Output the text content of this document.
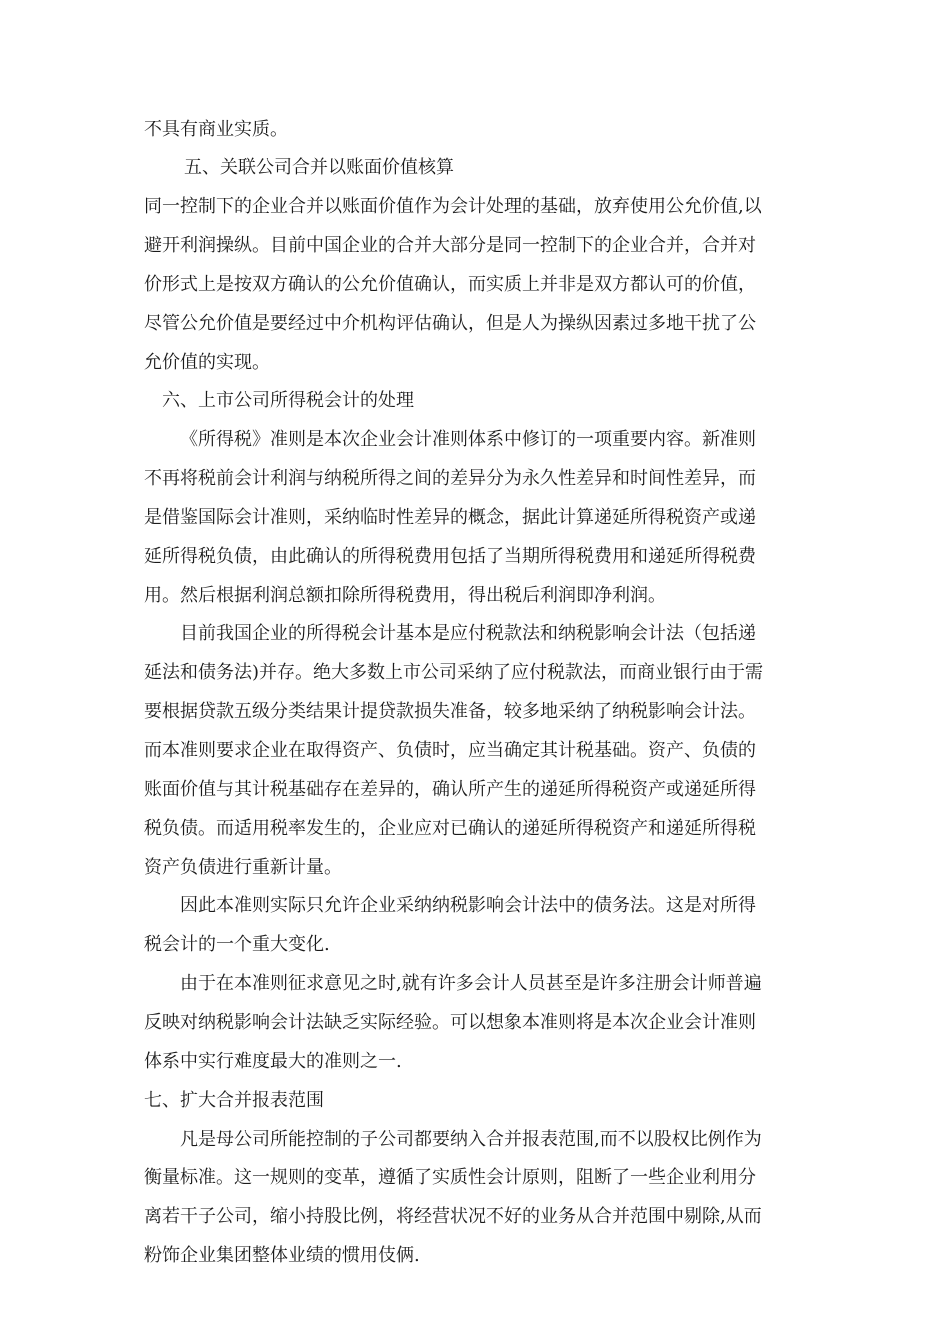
不具有商业实质。
五、关联公司合并以账面价值核算
同一控制下的企业合并以账面价值作为会计处理的基础，放弃使用公允价值,以
避开利润操纵。目前中国企业的合并大部分是同一控制下的企业合并，合并对
价形式上是按双方确认的公允价值确认，而实质上并非是双方都认可的价值，
尽管公允价值是要经过中介机构评估确认，但是人为操纵因素过多地干扰了公
允价值的实现。
六、上市公司所得税会计的处理
《所得税》准则是本次企业会计准则体系中修订的一项重要内容。新准则
不再将税前会计利润与纳税所得之间的差异分为永久性差异和时间性差异，而
是借鉴国际会计准则，采纳临时性差异的概念，据此计算递延所得税资产或递
延所得税负债，由此确认的所得税费用包括了当期所得税费用和递延所得税费
用。然后根据利润总额扣除所得税费用，得出税后利润即净利润。
目前我国企业的所得税会计基本是应付税款法和纳税影响会计法（包括递
延法和债务法)并存。绝大多数上市公司采纳了应付税款法，而商业银行由于需
要根据贷款五级分类结果计提贷款损失准备，较多地采纳了纳税影响会计法。
而本准则要求企业在取得资产、负债时，应当确定其计税基础。资产、负债的
账面价值与其计税基础存在差异的，确认所产生的递延所得税资产或递延所得
税负债。而适用税率发生的，企业应对已确认的递延所得税资产和递延所得税
资产负债进行重新计量。
因此本准则实际只允许企业采纳纳税影响会计法中的债务法。这是对所得
税会计的一个重大变化.
由于在本准则征求意见之时,就有许多会计人员甚至是许多注册会计师普遍
反映对纳税影响会计法缺乏实际经验。可以想象本准则将是本次企业会计准则
体系中实行难度最大的准则之一.
七、扩大合并报表范围
凡是母公司所能控制的子公司都要纳入合并报表范围,而不以股权比例作为
衡量标准。这一规则的变革，遵循了实质性会计原则，阻断了一些企业利用分
离若干子公司，缩小持股比例，将经营状况不好的业务从合并范围中剔除,从而
粉饰企业集团整体业绩的惯用伎俩.
